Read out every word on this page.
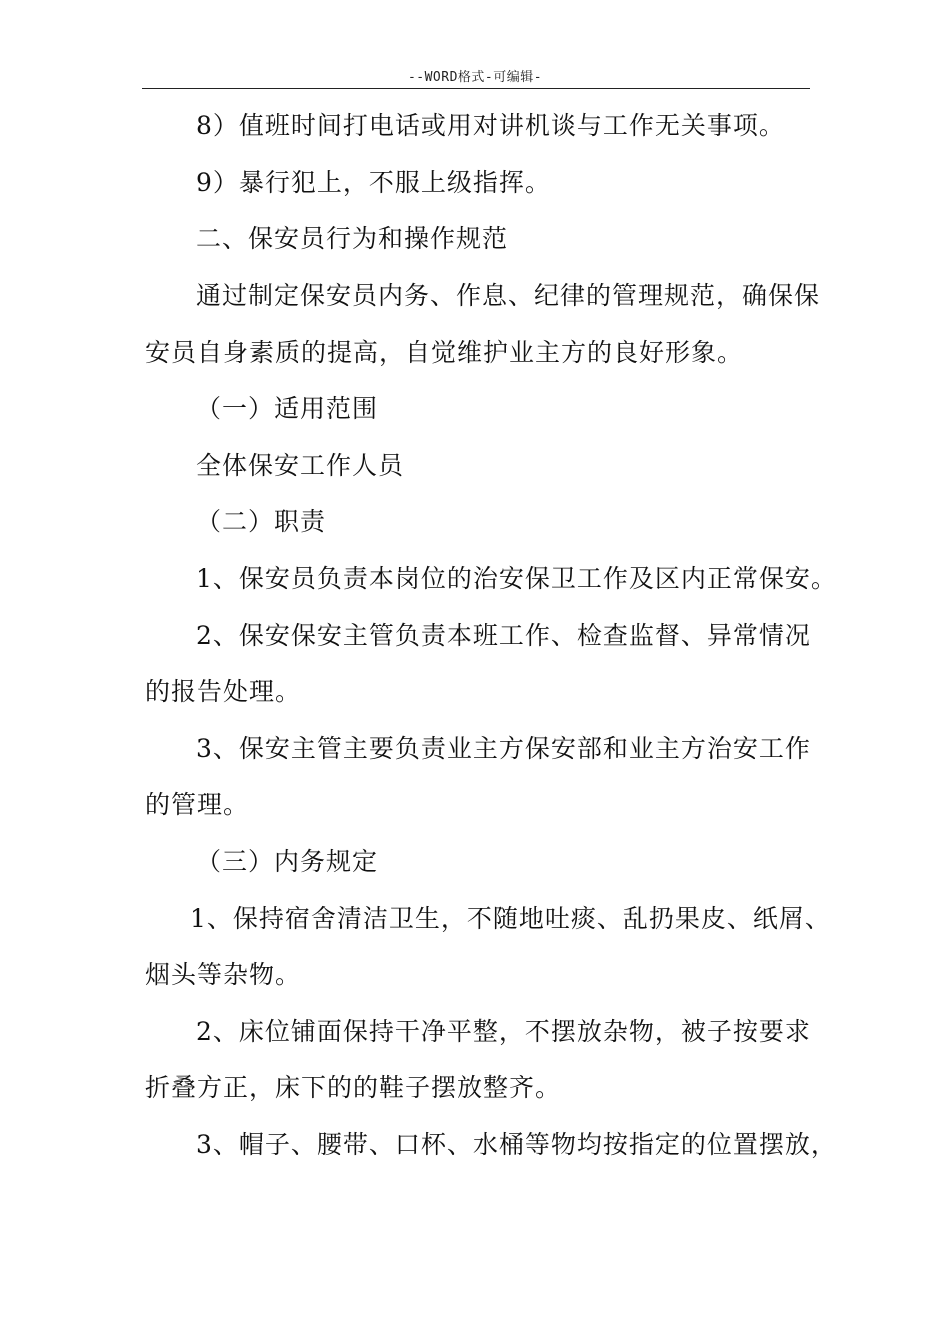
--WORD格式-可编辑-
8）值班时间打电话或用对讲机谈与工作无关事项。
9）暴行犯上，不服上级指挥。
二、保安员行为和操作规范
通过制定保安员内务、作息、纪律的管理规范，确保保
安员自身素质的提高，自觉维护业主方的良好形象。
（一）适用范围
全体保安工作人员
（二）职责
1、保安员负责本岗位的治安保卫工作及区内正常保安。
2、保安保安主管负责本班工作、检查监督、异常情况
的报告处理。
3、保安主管主要负责业主方保安部和业主方治安工作
的管理。
（三）内务规定
1、保持宿舍清洁卫生，不随地吐痰、乱扔果皮、纸屑、
烟头等杂物。
2、床位铺面保持干净平整，不摆放杂物，被子按要求
折叠方正，床下的的鞋子摆放整齐。
3、帽子、腰带、口杯、水桶等物均按指定的位置摆放，
